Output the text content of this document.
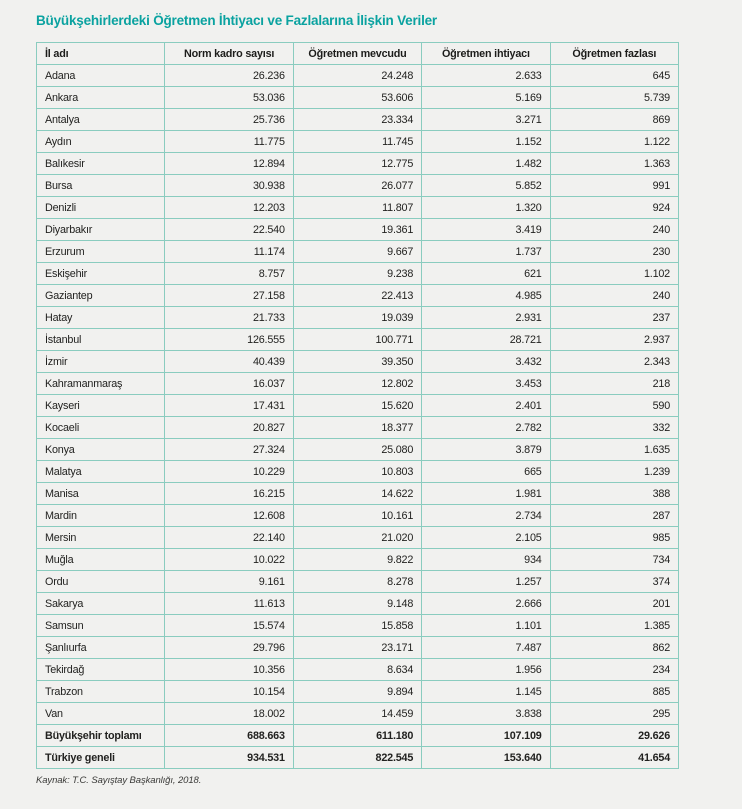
Büyükşehirlerdeki Öğretmen İhtiyacı ve Fazlalarına İlişkin Veriler
İl adı	Norm kadro sayısı	Öğretmen mevcudu	Öğretmen ihtiyacı	Öğretmen fazlası
Adana	26.236	24.248	2.633	645
Ankara	53.036	53.606	5.169	5.739
Antalya	25.736	23.334	3.271	869
Aydın	11.775	11.745	1.152	1.122
Balıkesir	12.894	12.775	1.482	1.363
Bursa	30.938	26.077	5.852	991
Denizli	12.203	11.807	1.320	924
Diyarbakır	22.540	19.361	3.419	240
Erzurum	11.174	9.667	1.737	230
Eskişehir	8.757	9.238	621	1.102
Gaziantep	27.158	22.413	4.985	240
Hatay	21.733	19.039	2.931	237
İstanbul	126.555	100.771	28.721	2.937
İzmir	40.439	39.350	3.432	2.343
Kahramanmaraş	16.037	12.802	3.453	218
Kayseri	17.431	15.620	2.401	590
Kocaeli	20.827	18.377	2.782	332
Konya	27.324	25.080	3.879	1.635
Malatya	10.229	10.803	665	1.239
Manisa	16.215	14.622	1.981	388
Mardin	12.608	10.161	2.734	287
Mersin	22.140	21.020	2.105	985
Muğla	10.022	9.822	934	734
Ordu	9.161	8.278	1.257	374
Sakarya	11.613	9.148	2.666	201
Samsun	15.574	15.858	1.101	1.385
Şanlıurfa	29.796	23.171	7.487	862
Tekirdağ	10.356	8.634	1.956	234
Trabzon	10.154	9.894	1.145	885
Van	18.002	14.459	3.838	295
Büyükşehir toplamı	688.663	611.180	107.109	29.626
Türkiye geneli	934.531	822.545	153.640	41.654
Kaynak: T.C. Sayıştay Başkanlığı, 2018.
